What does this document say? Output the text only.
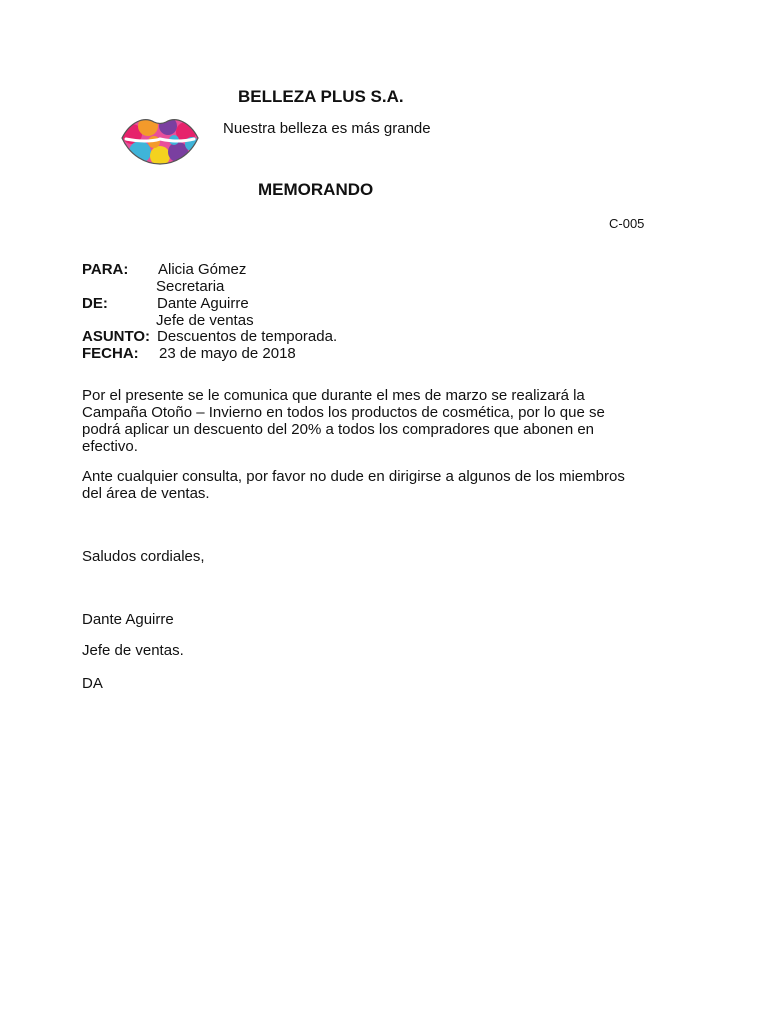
BELLEZA PLUS S.A.
Nuestra belleza es más grande
MEMORANDO
C-005
PARA: Alicia Gómez
Secretaria
DE:	Dante Aguirre
Jefe de ventas
ASUNTO: Descuentos de temporada.
FECHA: 23 de mayo de 2018
Por el presente se le comunica que durante el mes de marzo se realizará la
Campaña Otoño – Invierno en todos los productos de cosmética, por lo que se
podrá aplicar un descuento del 20% a todos los compradores que abonen en
efectivo.
Ante cualquier consulta, por favor no dude en dirigirse a algunos de los miembros
del área de ventas.
Saludos cordiales,
Dante Aguirre
Jefe de ventas.
DA
